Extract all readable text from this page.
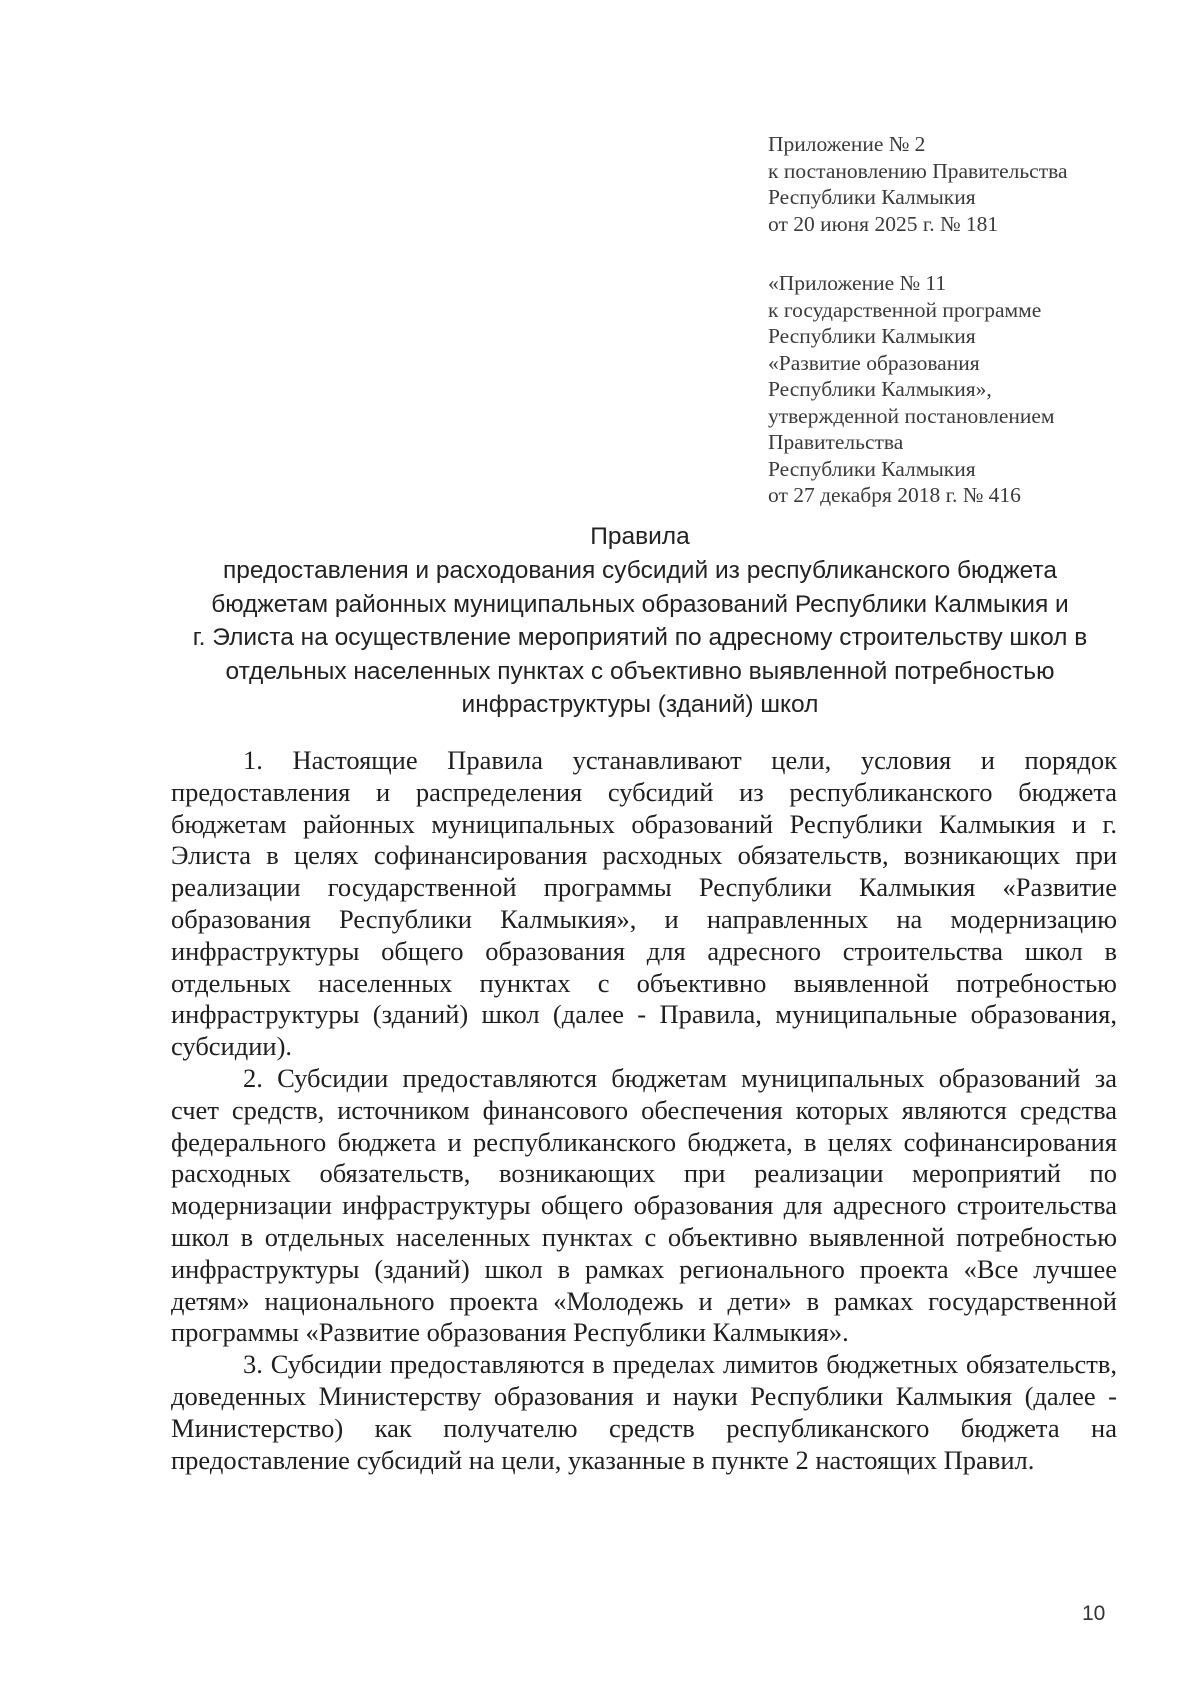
Приложение № 2
к постановлению Правительства
Республики Калмыкия
от 20 июня 2025 г. № 181
«Приложение № 11
к государственной программе
Республики Калмыкия
«Развитие образования
Республики Калмыкия»,
утвержденной постановлением
Правительства
Республики Калмыкия
от 27 декабря 2018 г. № 416
Правила
предоставления и расходования субсидий из республиканского бюджета
бюджетам районных муниципальных образований Республики Калмыкия и
г. Элиста на осуществление мероприятий по адресному строительству школ в
отдельных населенных пунктах с объективно выявленной потребностью
инфраструктуры (зданий) школ

1. Настоящие Правила устанавливают цели, условия и порядок предоставления и распределения субсидий из республиканского бюджета бюджетам районных муниципальных образований Республики Калмыкия и г. Элиста в целях софинансирования расходных обязательств, возникающих при реализации государственной программы Республики Калмыкия «Развитие образования Республики Калмыкия», и направленных на модернизацию инфраструктуры общего образования для адресного строительства школ в отдельных населенных пунктах с объективно выявленной потребностью инфраструктуры (зданий) школ (далее - Правила, муниципальные образования, субсидии).

2. Субсидии предоставляются бюджетам муниципальных образований за счет средств, источником финансового обеспечения которых являются средства федерального бюджета и республиканского бюджета, в целях софинансирования расходных обязательств, возникающих при реализации мероприятий по модернизации инфраструктуры общего образования для адресного строительства школ в отдельных населенных пунктах с объективно выявленной потребностью инфраструктуры (зданий) школ в рамках регионального проекта «Все лучшее детям» национального проекта «Молодежь и дети» в рамках государственной программы «Развитие образования Республики Калмыкия».

3. Субсидии предоставляются в пределах лимитов бюджетных обязательств, доведенных Министерству образования и науки Республики Калмыкия (далее - Министерство) как получателю средств республиканского бюджета на предоставление субсидий на цели, указанные в пункте 2 настоящих Правил.

10
